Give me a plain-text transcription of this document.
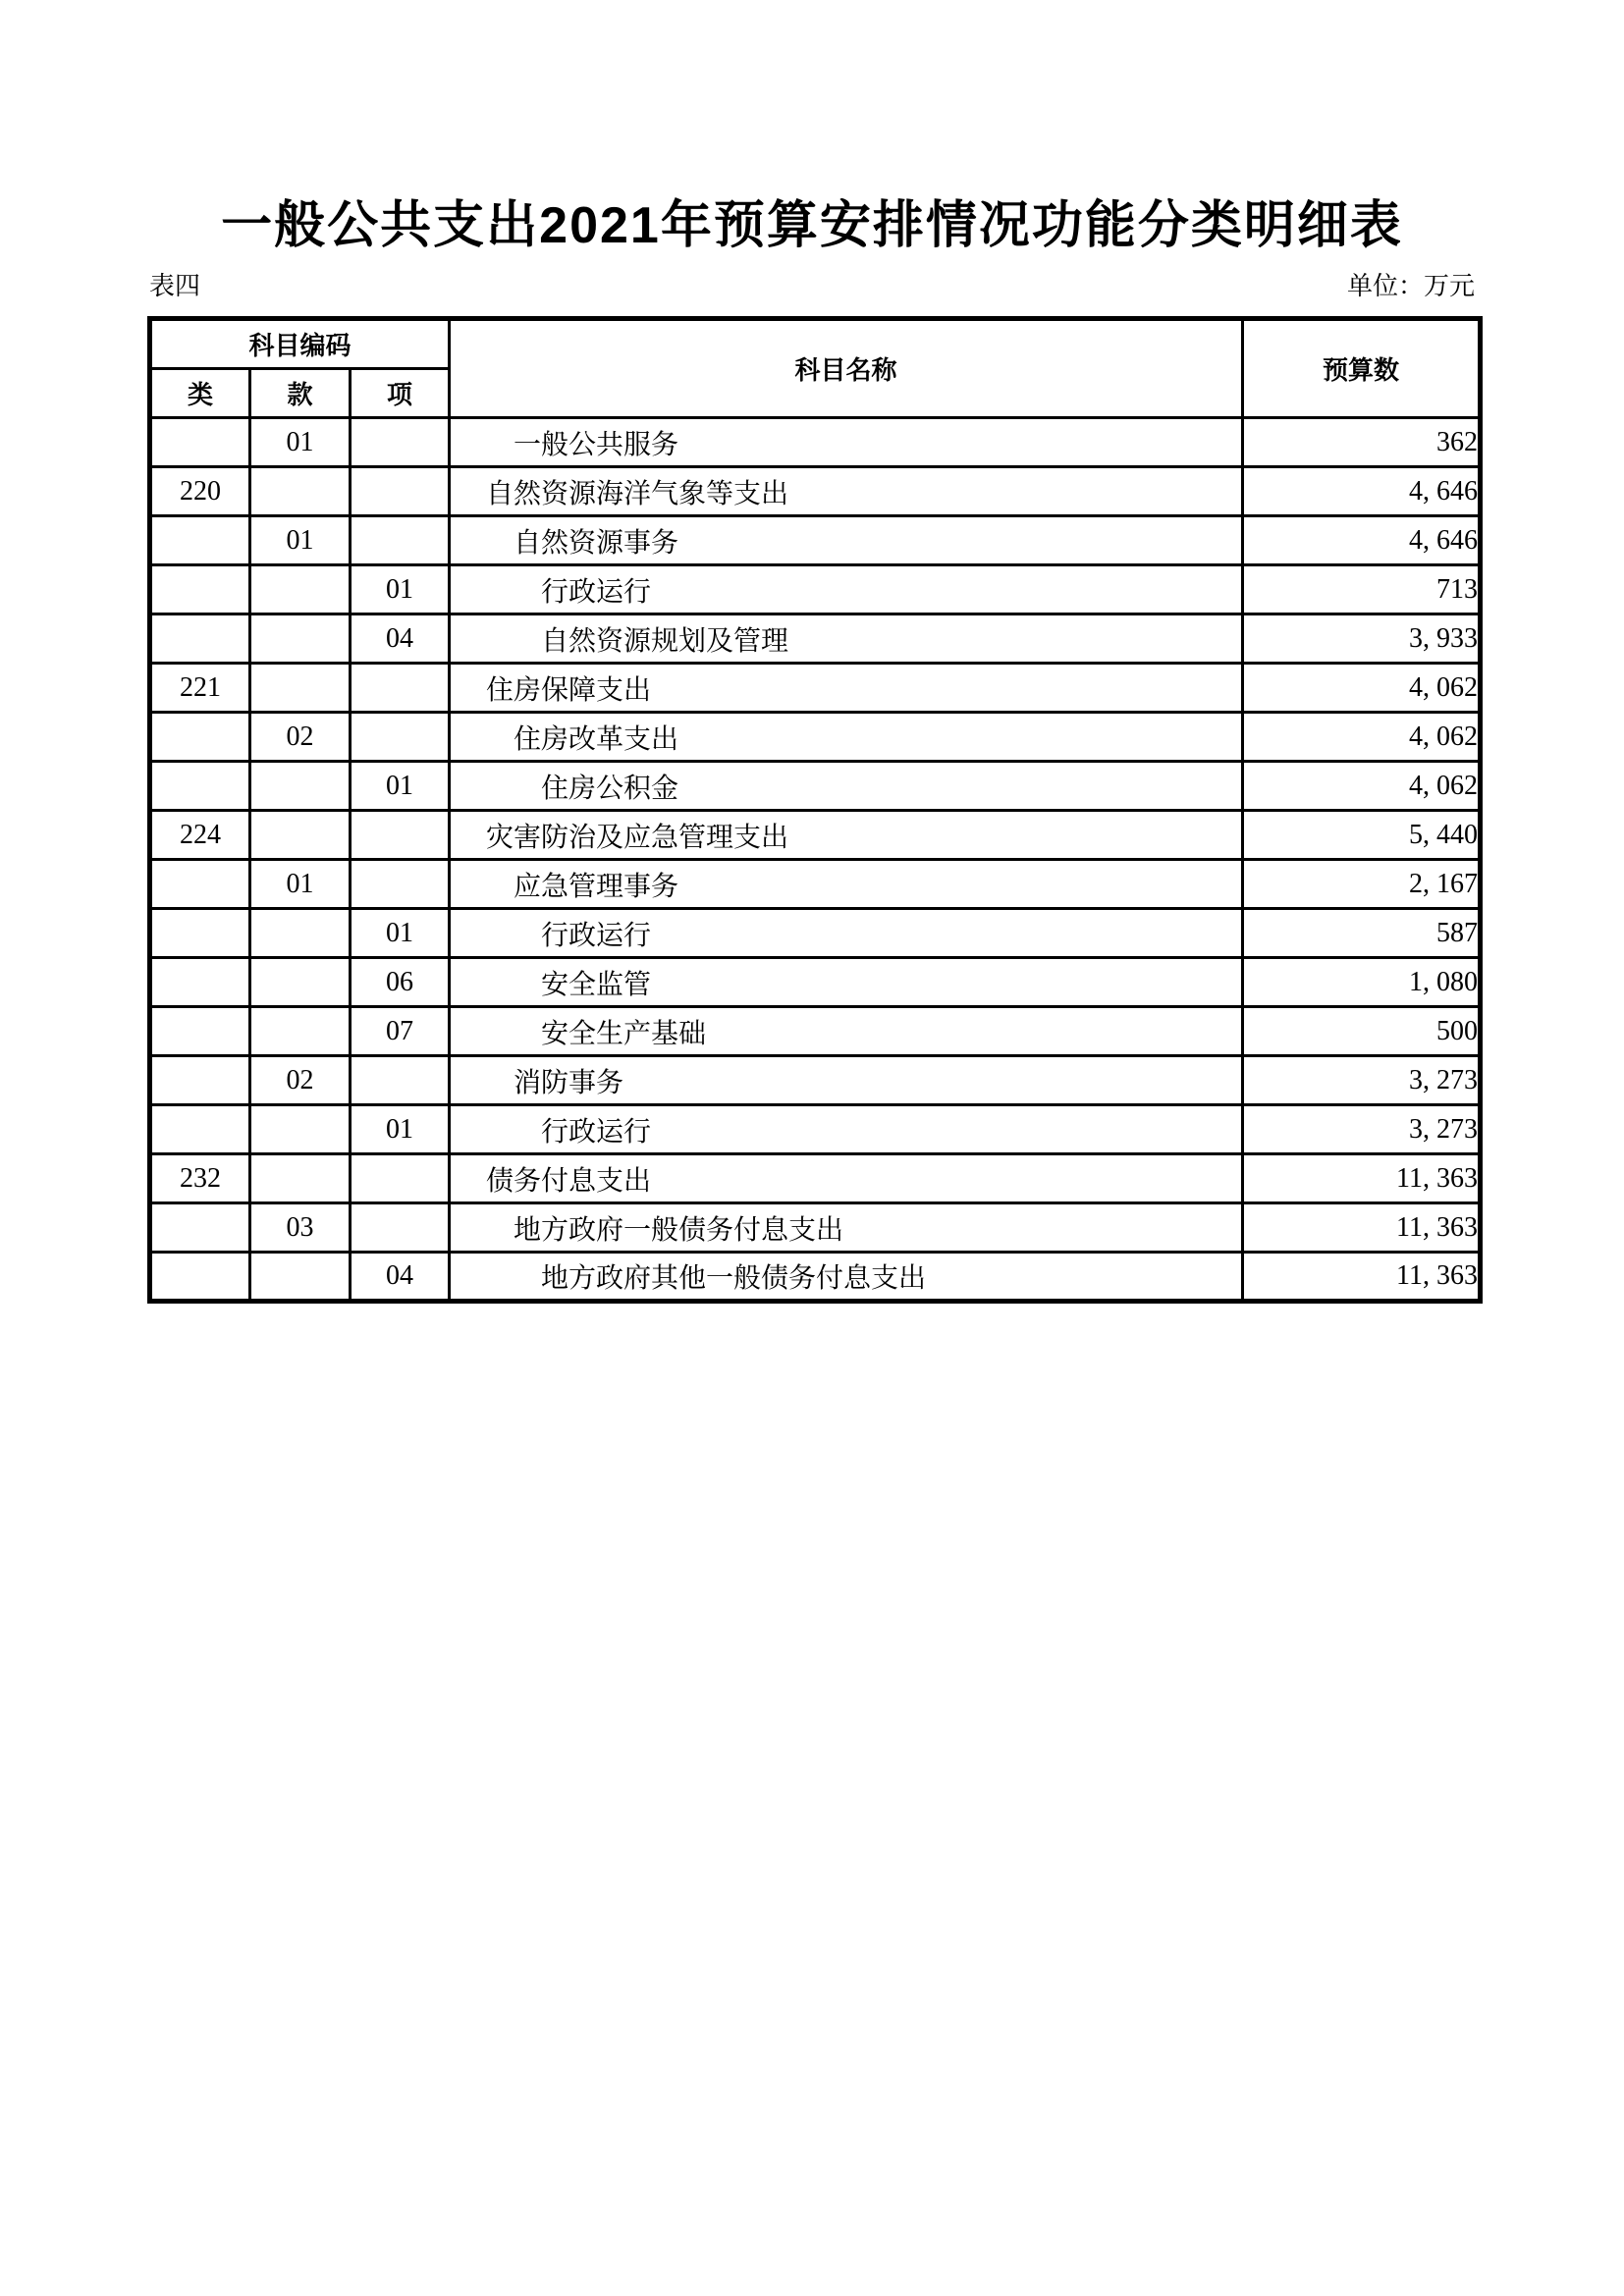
一般公共支出2021年预算安排情况功能分类明细表
表四	单位：万元
科目编码			科目名称	预算数
类	款	项		
	01		一般公共服务	362
220			自然资源海洋气象等支出	4, 646
	01		自然资源事务	4, 646
		01	行政运行	713
		04	自然资源规划及管理	3, 933
221			住房保障支出	4, 062
	02		住房改革支出	4, 062
		01	住房公积金	4, 062
224			灾害防治及应急管理支出	5, 440
	01		应急管理事务	2, 167
		01	行政运行	587
		06	安全监管	1, 080
		07	安全生产基础	500
	02		消防事务	3, 273
		01	行政运行	3, 273
232			债务付息支出	11, 363
	03		地方政府一般债务付息支出	11, 363
		04	地方政府其他一般债务付息支出	11, 363
